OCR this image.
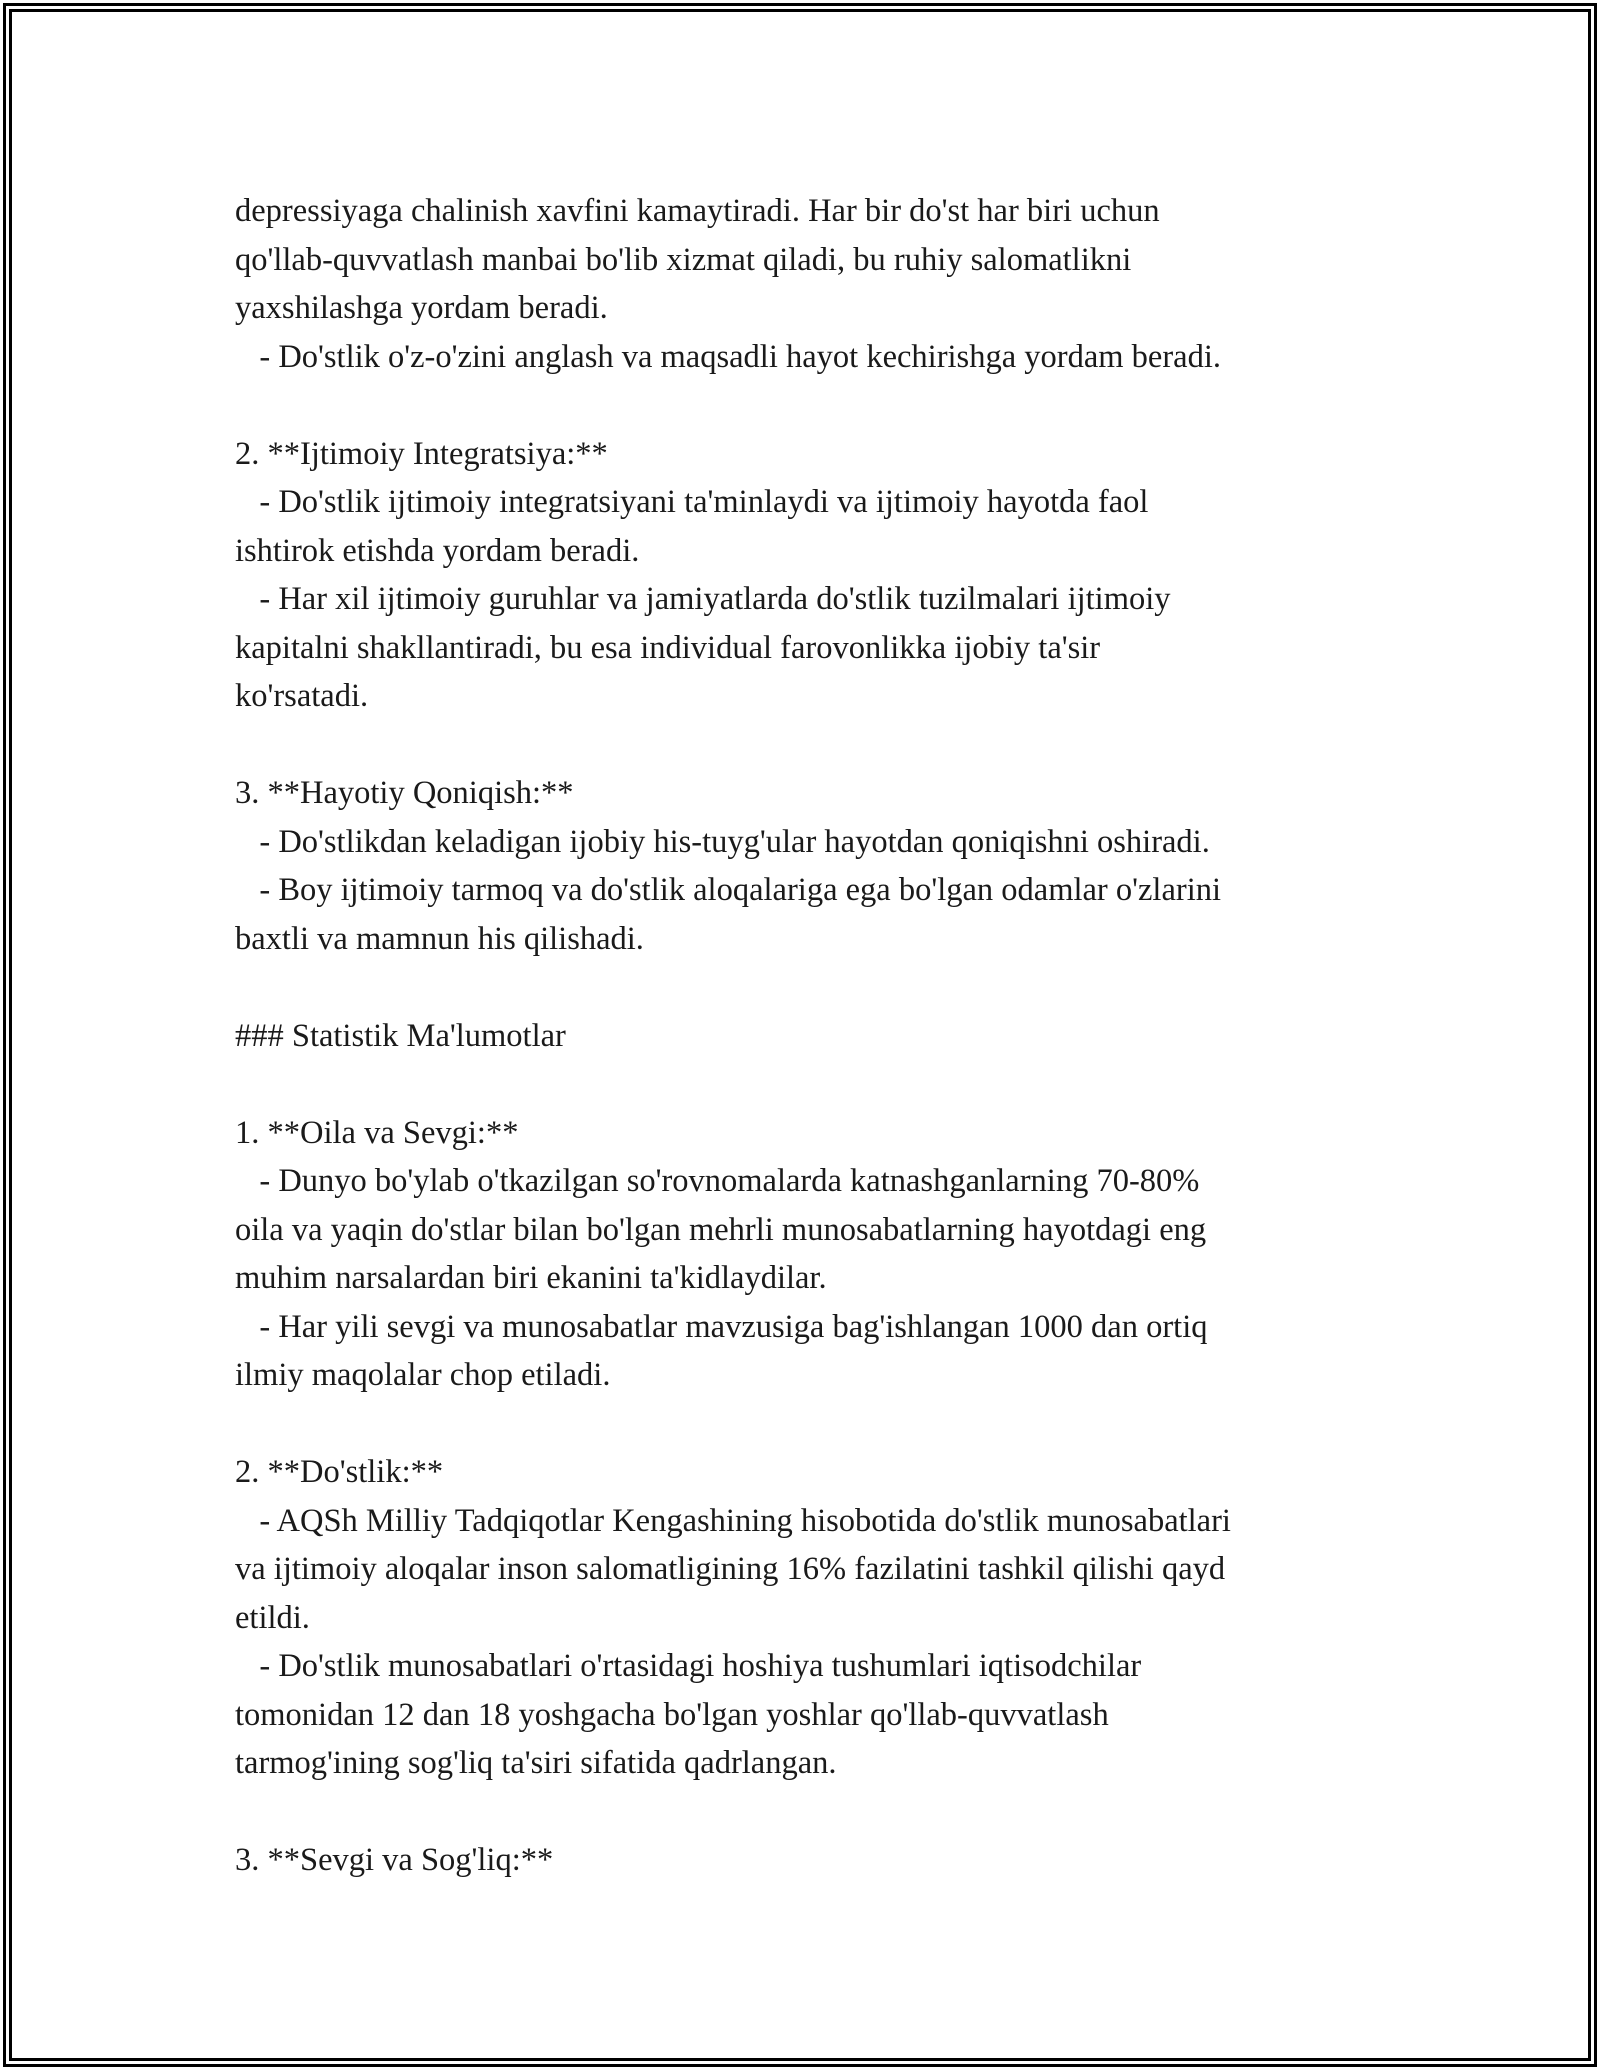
depressiyaga chalinish xavfini kamaytiradi. Har bir do'st har biri uchun
qo'llab-quvvatlash manbai bo'lib xizmat qiladi, bu ruhiy salomatlikni
yaxshilashga yordam beradi.
- Do'stlik o'z-o'zini anglash va maqsadli hayot kechirishga yordam beradi.
2. **Ijtimoiy Integratsiya:**
- Do'stlik ijtimoiy integratsiyani ta'minlaydi va ijtimoiy hayotda faol
ishtirok etishda yordam beradi.
- Har xil ijtimoiy guruhlar va jamiyatlarda do'stlik tuzilmalari ijtimoiy
kapitalni shakllantiradi, bu esa individual farovonlikka ijobiy ta'sir
ko'rsatadi.
3. **Hayotiy Qoniqish:**
- Do'stlikdan keladigan ijobiy his-tuyg'ular hayotdan qoniqishni oshiradi.
- Boy ijtimoiy tarmoq va do'stlik aloqalariga ega bo'lgan odamlar o'zlarini
baxtli va mamnun his qilishadi.
### Statistik Ma'lumotlar
1. **Oila va Sevgi:**
- Dunyo bo'ylab o'tkazilgan so'rovnomalarda katnashganlarning 70-80%
oila va yaqin do'stlar bilan bo'lgan mehrli munosabatlarning hayotdagi eng
muhim narsalardan biri ekanini ta'kidlaydilar.
- Har yili sevgi va munosabatlar mavzusiga bag'ishlangan 1000 dan ortiq
ilmiy maqolalar chop etiladi.
2. **Do'stlik:**
- AQSh Milliy Tadqiqotlar Kengashining hisobotida do'stlik munosabatlari
va ijtimoiy aloqalar inson salomatligining 16% fazilatini tashkil qilishi qayd
etildi.
- Do'stlik munosabatlari o'rtasidagi hoshiya tushumlari iqtisodchilar
tomonidan 12 dan 18 yoshgacha bo'lgan yoshlar qo'llab-quvvatlash
tarmog'ining sog'liq ta'siri sifatida qadrlangan.
3. **Sevgi va Sog'liq:**
